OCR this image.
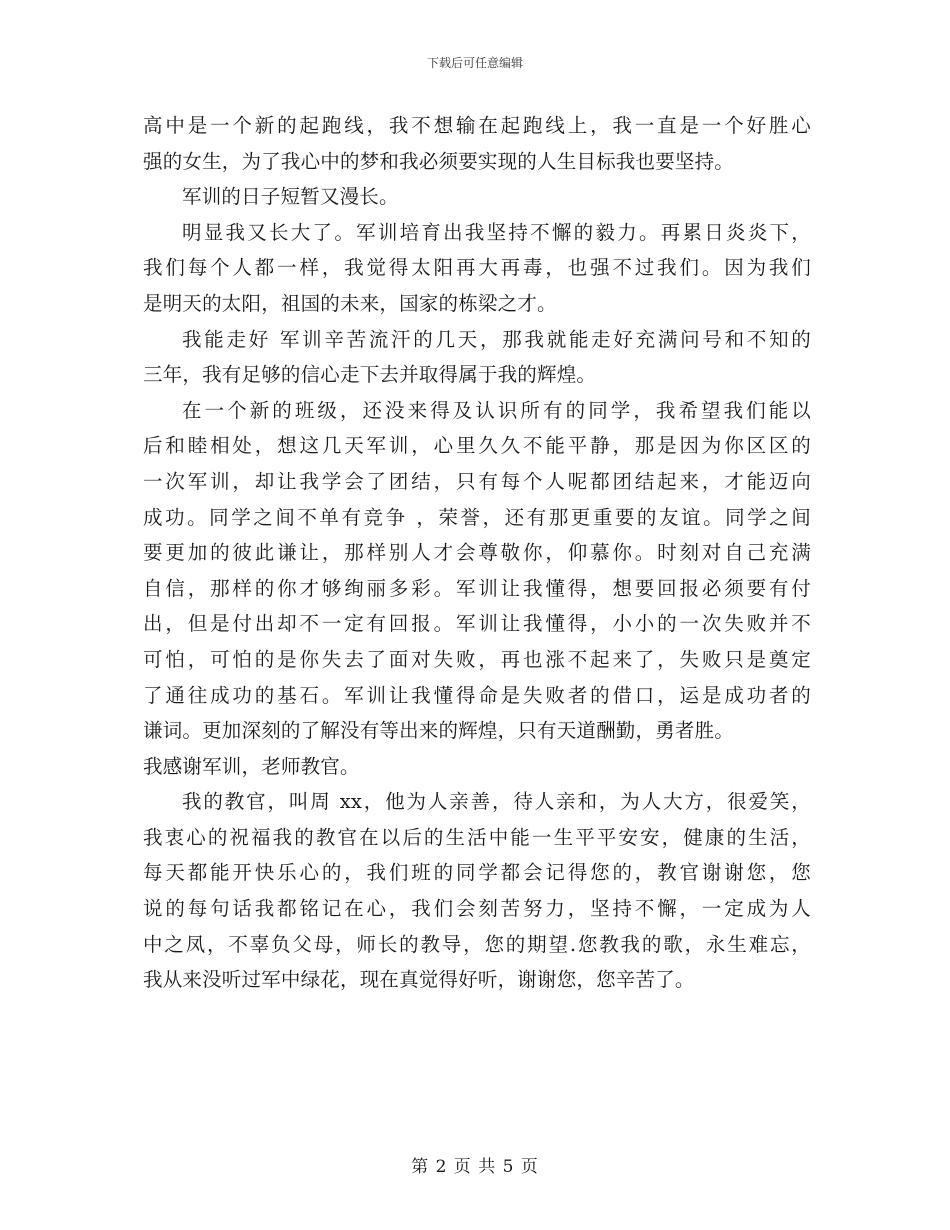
下载后可任意编辑
高中是一个新的起跑线，我不想输在起跑线上，我一直是一个好胜心
强的女生，为了我心中的梦和我必须要实现的人生目标我也要坚持。
军训的日子短暂又漫长。
明显我又长大了。军训培育出我坚持不懈的毅力。再累日炎炎下，
我们每个人都一样，我觉得太阳再大再毒，也强不过我们。因为我们
是明天的太阳，祖国的未来，国家的栋梁之才。
我能走好 军训辛苦流汗的几天，那我就能走好充满问号和不知的
三年，我有足够的信心走下去并取得属于我的辉煌。
在一个新的班级，还没来得及认识所有的同学，我希望我们能以
后和睦相处，想这几天军训，心里久久不能平静，那是因为你区区的
一次军训，却让我学会了团结，只有每个人呢都团结起来，才能迈向
成功。同学之间不单有竞争 ，荣誉，还有那更重要的友谊。同学之间
要更加的彼此谦让，那样别人才会尊敬你，仰慕你。时刻对自己充满
自信，那样的你才够绚丽多彩。军训让我懂得，想要回报必须要有付
出，但是付出却不一定有回报。军训让我懂得，小小的一次失败并不
可怕，可怕的是你失去了面对失败，再也涨不起来了，失败只是奠定
了通往成功的基石。军训让我懂得命是失败者的借口，运是成功者的
谦词。更加深刻的了解没有等出来的辉煌，只有天道酬勤，勇者胜。
我感谢军训，老师教官。
我的教官，叫周 xx，他为人亲善，待人亲和，为人大方，很爱笑，
我衷心的祝福我的教官在以后的生活中能一生平平安安，健康的生活，
每天都能开快乐心的，我们班的同学都会记得您的，教官谢谢您，您
说的每句话我都铭记在心，我们会刻苦努力，坚持不懈，一定成为人
中之凤，不辜负父母，师长的教导，您的期望.您教我的歌，永生难忘，
我从来没听过军中绿花，现在真觉得好听，谢谢您，您辛苦了。
第 2 页 共 5 页
